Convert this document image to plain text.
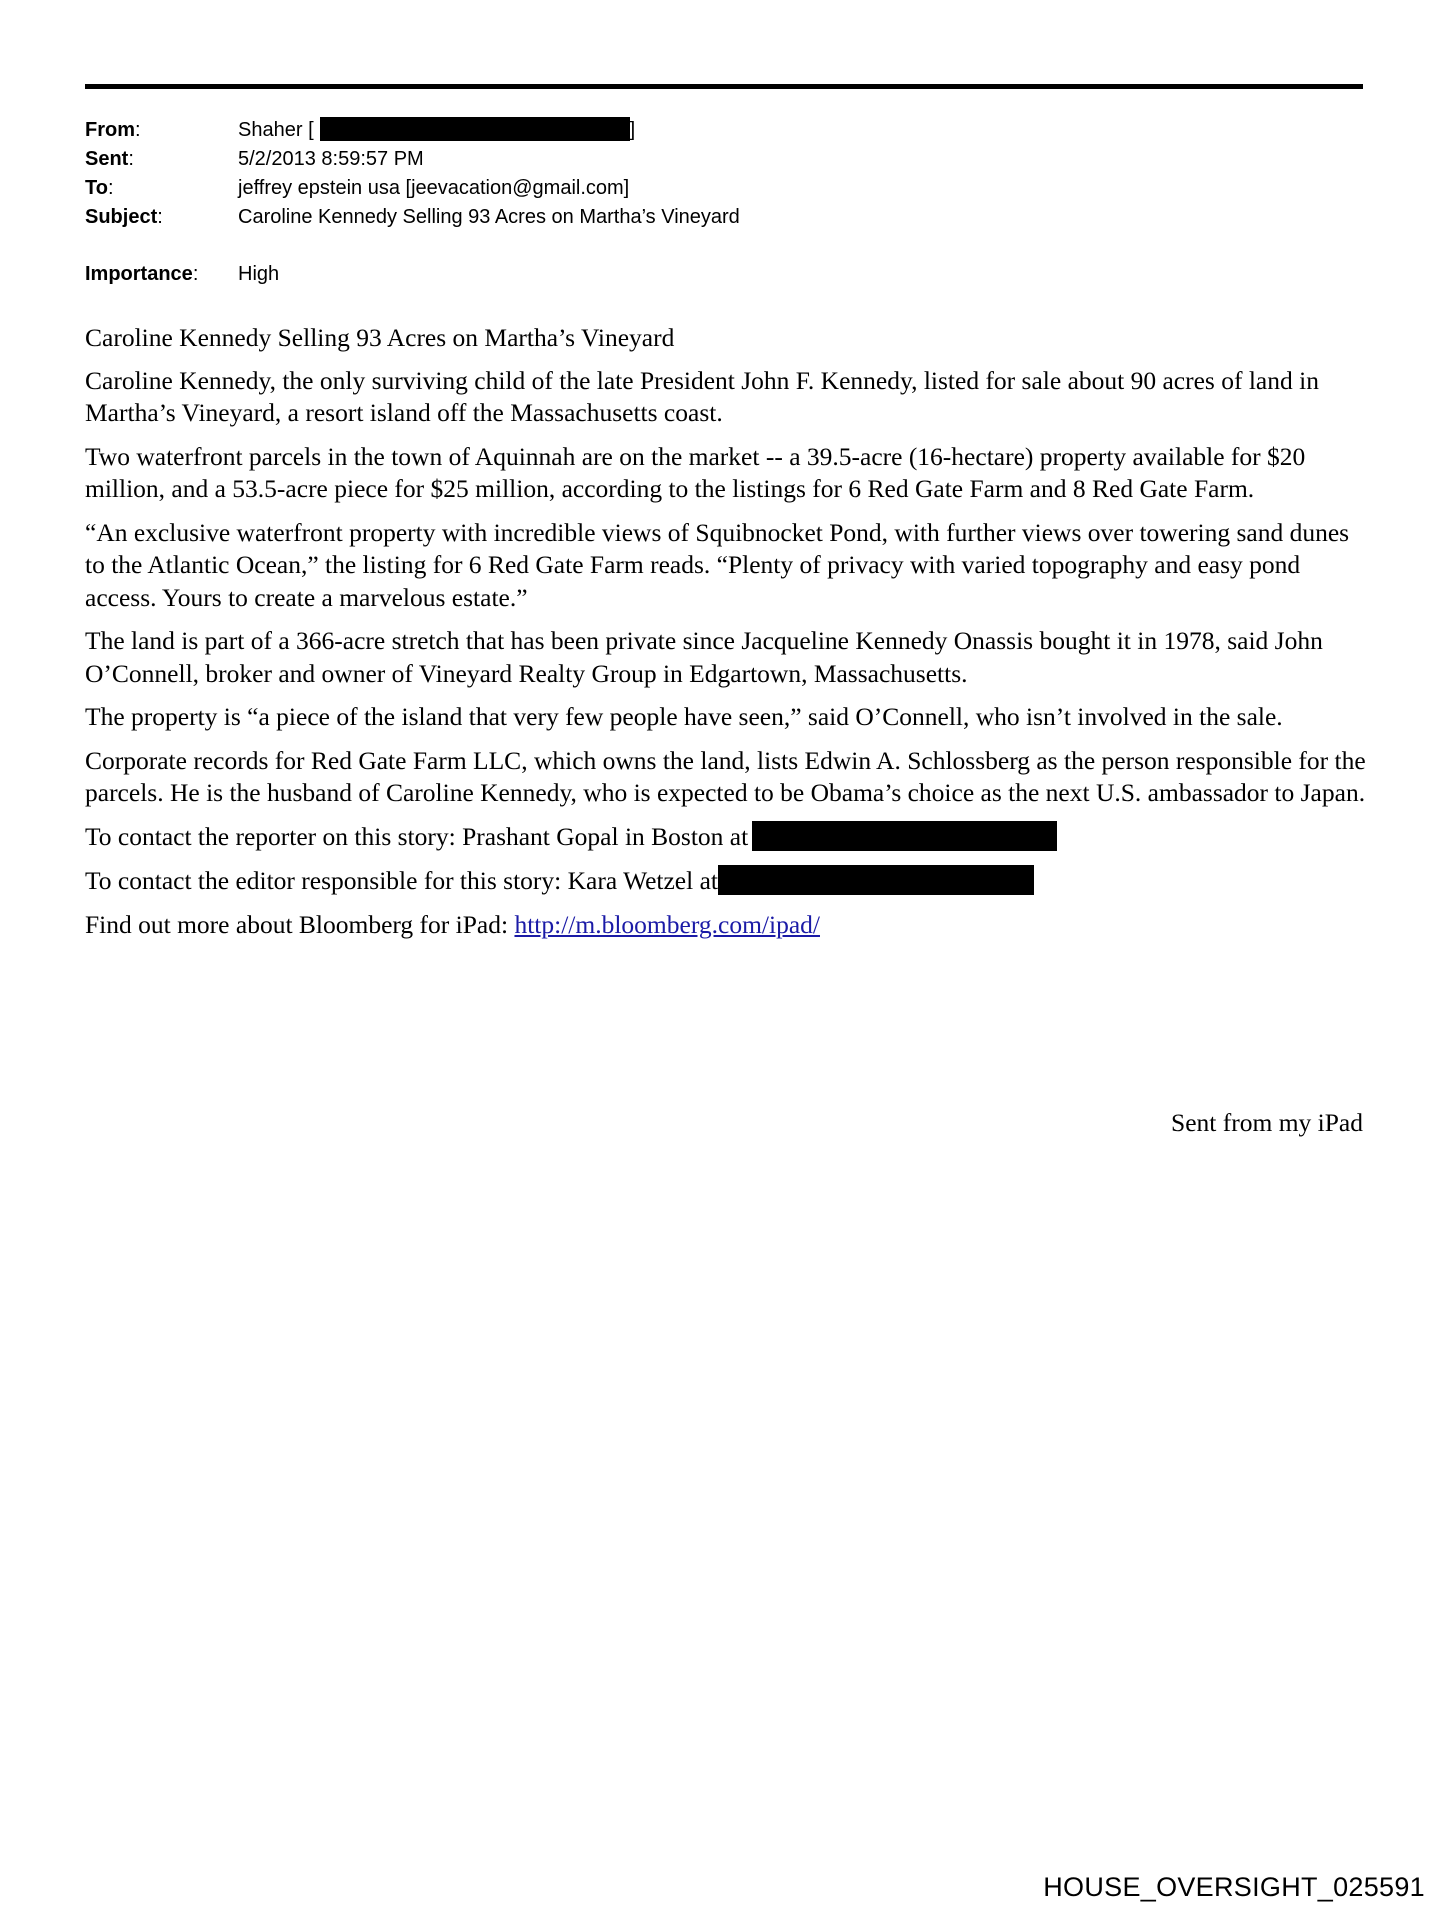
From:	Shaher [	]
Sent:	5/2/2013 8:59:57 PM
To:	jeffrey epstein usa [jeevacation@gmail.com]
Subject:	Caroline Kennedy Selling 93 Acres on Martha’s Vineyard
Importance:	High

Caroline Kennedy Selling 93 Acres on Martha’s Vineyard

Caroline Kennedy, the only surviving child of the late President John F. Kennedy, listed for sale about 90 acres of land in Martha’s Vineyard, a resort island off the Massachusetts coast.

Two waterfront parcels in the town of Aquinnah are on the market -- a 39.5-acre (16-hectare) property available for $20 million, and a 53.5-acre piece for $25 million, according to the listings for 6 Red Gate Farm and 8 Red Gate Farm.

“An exclusive waterfront property with incredible views of Squibnocket Pond, with further views over towering sand dunes to the Atlantic Ocean,” the listing for 6 Red Gate Farm reads. “Plenty of privacy with varied topography and easy pond access. Yours to create a marvelous estate.”

The land is part of a 366-acre stretch that has been private since Jacqueline Kennedy Onassis bought it in 1978, said John O’Connell, broker and owner of Vineyard Realty Group in Edgartown, Massachusetts.

The property is “a piece of the island that very few people have seen,” said O’Connell, who isn’t involved in the sale.

Corporate records for Red Gate Farm LLC, which owns the land, lists Edwin A. Schlossberg as the person responsible for the parcels. He is the husband of Caroline Kennedy, who is expected to be Obama’s choice as the next U.S. ambassador to Japan.

To contact the reporter on this story: Prashant Gopal in Boston at

To contact the editor responsible for this story: Kara Wetzel at

Find out more about Bloomberg for iPad: http://m.bloomberg.com/ipad/

Sent from my iPad
HOUSE_OVERSIGHT_025591
